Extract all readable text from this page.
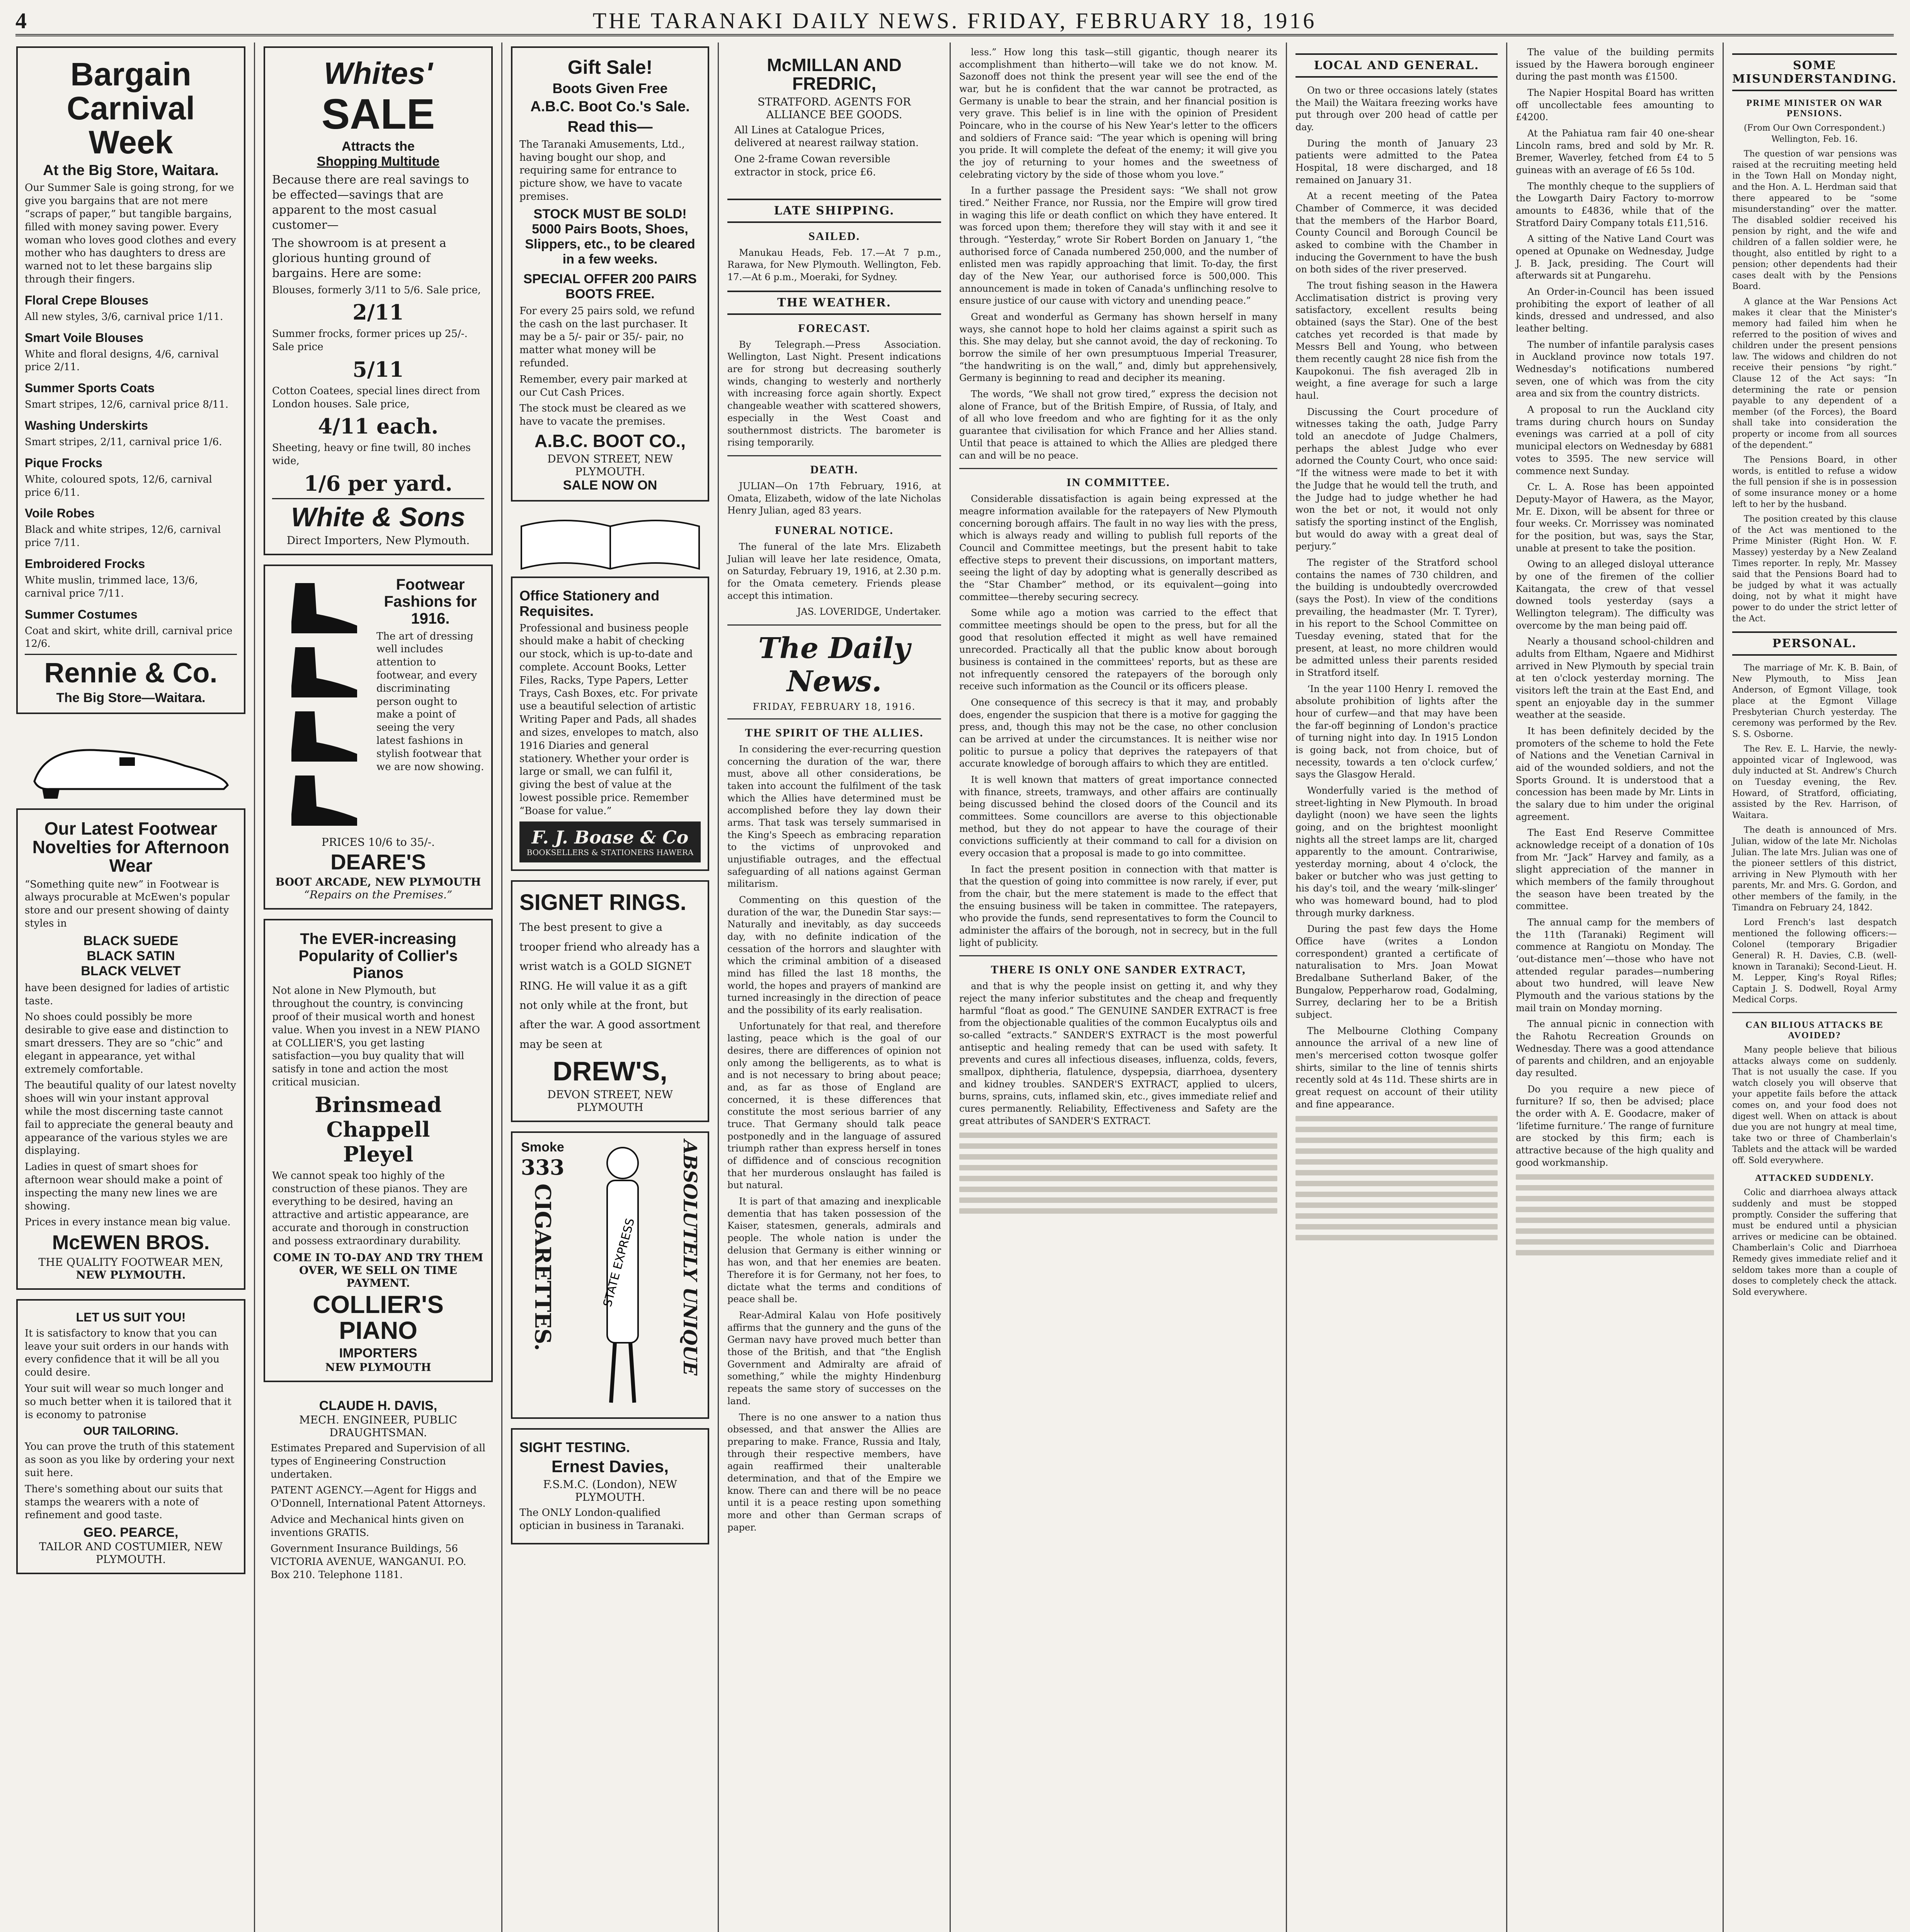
4	THE TARANAKI DAILY NEWS. FRIDAY, FEBRUARY 18, 1916
Bargain Carnival Week
At the Big Store, Waitara.

Our Summer Sale is going strong, for we give you bargains that are not mere “scraps of paper,” but tangible bargains, filled with money saving power. Every woman who loves good clothes and every mother who has daughters to dress are warned not to let these bargains slip through their fingers.

Floral Crepe Blouses

All new styles, 3/6, carnival price 1/11.

Smart Voile Blouses

White and floral designs, 4/6, carnival price 2/11.

Summer Sports Coats

Smart stripes, 12/6, carnival price 8/11.

Washing Underskirts

Smart stripes, 2/11, carnival price 1/6.

Pique Frocks

White, coloured spots, 12/6, carnival price 6/11.

Voile Robes

Black and white stripes, 12/6, carnival price 7/11.

Embroidered Frocks

White muslin, trimmed lace, 13/6, carnival price 7/11.

Summer Costumes

Coat and skirt, white drill, carnival price 12/6.

Rennie & Co.
The Big Store—Waitara.
Our Latest Footwear Novelties for Afternoon Wear

“Something quite new” in Footwear is always procurable at McEwen's popular store and our present showing of dainty styles in

BLACK SUEDE
BLACK SATIN
BLACK VELVET

have been designed for ladies of artistic taste.

No shoes could possibly be more desirable to give ease and distinction to smart dressers. They are so “chic” and elegant in appearance, yet withal extremely comfortable.

The beautiful quality of our latest novelty shoes will win your instant approval while the most discerning taste cannot fail to appreciate the general beauty and appearance of the various styles we are displaying.

Ladies in quest of smart shoes for afternoon wear should make a point of inspecting the many new lines we are showing.

Prices in every instance mean big value.

McEWEN BROS.
THE QUALITY FOOTWEAR MEN,
NEW PLYMOUTH.
LET US SUIT YOU!

It is satisfactory to know that you can leave your suit orders in our hands with every confidence that it will be all you could desire.

Your suit will wear so much longer and so much better when it is tailored that it is economy to patronise

OUR TAILORING.

You can prove the truth of this statement as soon as you like by ordering your next suit here.

There's something about our suits that stamps the wearers with a note of refinement and good taste.

GEO. PEARCE,
TAILOR AND COSTUMIER, NEW PLYMOUTH.
Whites'
SALE
Attracts the
Shopping Multitude

Because there are real savings to be effected—savings that are apparent to the most casual customer—

The showroom is at present a glorious hunting ground of bargains. Here are some:

Blouses, formerly 3/11 to 5/6. Sale price,

2/11

Summer frocks, former prices up 25/-. Sale price

5/11

Cotton Coatees, special lines direct from London houses. Sale price,

4/11 each.

Sheeting, heavy or fine twill, 80 inches wide,

1/6 per yard.
White & Sons
Direct Importers, New Plymouth.
Footwear Fashions for 1916.

The art of dressing well includes attention to footwear, and every discriminating person ought to make a point of seeing the very latest fashions in stylish footwear that we are now showing.

PRICES 10/6 to 35/-.
DEARE'S
BOOT ARCADE, NEW PLYMOUTH
“Repairs on the Premises.”
The EVER-increasing Popularity of Collier's Pianos

Not alone in New Plymouth, but throughout the country, is convincing proof of their musical worth and honest value. When you invest in a NEW PIANO at COLLIER'S, you get lasting satisfaction—you buy quality that will satisfy in tone and action the most critical musician.

Brinsmead
Chappell
Pleyel

We cannot speak too highly of the construction of these pianos. They are everything to be desired, having an attractive and artistic appearance, are accurate and thorough in construction and possess extraordinary durability.

COME IN TO-DAY AND TRY THEM OVER, WE SELL ON TIME PAYMENT.
COLLIER'S PIANO
IMPORTERS
NEW PLYMOUTH
CLAUDE H. DAVIS,
MECH. ENGINEER, PUBLIC DRAUGHTSMAN.

Estimates Prepared and Supervision of all types of Engineering Construction undertaken.

PATENT AGENCY.—Agent for Higgs and O'Donnell, International Patent Attorneys.

Advice and Mechanical hints given on inventions GRATIS.

Government Insurance Buildings, 56 VICTORIA AVENUE, WANGANUI. P.O. Box 210. Telephone 1181.

Gift Sale!
Boots Given Free
A.B.C. Boot Co.'s Sale.
Read this—

The Taranaki Amusements, Ltd., having bought our shop, and requiring same for entrance to picture show, we have to vacate premises.

STOCK MUST BE SOLD! 5000 Pairs Boots, Shoes, Slippers, etc., to be cleared in a few weeks.
SPECIAL OFFER 200 PAIRS BOOTS FREE.

For every 25 pairs sold, we refund the cash on the last purchaser. It may be a 5/- pair or 35/- pair, no matter what money will be refunded.

Remember, every pair marked at our Cut Cash Prices.

The stock must be cleared as we have to vacate the premises.

A.B.C. BOOT CO.,
DEVON STREET, NEW PLYMOUTH.
SALE NOW ON
Office Stationery and Requisites.

Professional and business people should make a habit of checking our stock, which is up-to-date and complete. Account Books, Letter Files, Racks, Type Papers, Letter Trays, Cash Boxes, etc. For private use a beautiful selection of artistic Writing Paper and Pads, all shades and sizes, envelopes to match, also 1916 Diaries and general stationery. Whether your order is large or small, we can fulfil it, giving the best of value at the lowest possible price. Remember “Boase for value.”

F. J. Boase & Co
BOOKSELLERS & STATIONERS HAWERA
SIGNET RINGS.

The best present to give a trooper friend who already has a wrist watch is a GOLD SIGNET RING. He will value it as a gift not only while at the front, but after the war. A good assortment may be seen at

DREW'S,
DEVON STREET, NEW PLYMOUTH
Smoke
333
CIGARETTES.	STATE EXPRESS ABSOLUTELY UNIQUE
SIGHT TESTING.
Ernest Davies,
F.S.M.C. (London), NEW PLYMOUTH.

The ONLY London-qualified optician in business in Taranaki.

McMILLAN AND FREDRIC,
STRATFORD. AGENTS FOR ALLIANCE BEE GOODS.

All Lines at Catalogue Prices, delivered at nearest railway station.

One 2-frame Cowan reversible extractor in stock, price £6.

LATE SHIPPING.
SAILED.

Manukau Heads, Feb. 17.—At 7 p.m., Rarawa, for New Plymouth. Wellington, Feb. 17.—At 6 p.m., Moeraki, for Sydney.

THE WEATHER.
FORECAST.

By Telegraph.—Press Association. Wellington, Last Night. Present indications are for strong but decreasing southerly winds, changing to westerly and northerly with increasing force again shortly. Expect changeable weather with scattered showers, especially in the West Coast and southernmost districts. The barometer is rising temporarily.

DEATH.

JULIAN—On 17th February, 1916, at Omata, Elizabeth, widow of the late Nicholas Henry Julian, aged 83 years.

FUNERAL NOTICE.

The funeral of the late Mrs. Elizabeth Julian will leave her late residence, Omata, on Saturday, February 19, 1916, at 2.30 p.m. for the Omata cemetery. Friends please accept this intimation.

JAS. LOVERIDGE, Undertaker.

The Daily News.
FRIDAY, FEBRUARY 18, 1916.
THE SPIRIT OF THE ALLIES.

In considering the ever-recurring question concerning the duration of the war, there must, above all other considerations, be taken into account the fulfilment of the task which the Allies have determined must be accomplished before they lay down their arms. That task was tersely summarised in the King's Speech as embracing reparation to the victims of unprovoked and unjustifiable outrages, and the effectual safeguarding of all nations against German militarism.

Commenting on this question of the duration of the war, the Dunedin Star says:—Naturally and inevitably, as day succeeds day, with no definite indication of the cessation of the horrors and slaughter with which the criminal ambition of a diseased mind has filled the last 18 months, the world, the hopes and prayers of mankind are turned increasingly in the direction of peace and the possibility of its early realisation.

Unfortunately for that real, and therefore lasting, peace which is the goal of our desires, there are differences of opinion not only among the belligerents, as to what is and is not necessary to bring about peace; and, as far as those of England are concerned, it is these differences that constitute the most serious barrier of any truce. That Germany should talk peace postponedly and in the language of assured triumph rather than express herself in tones of diffidence and of conscious recognition that her murderous onslaught has failed is but natural.

It is part of that amazing and inexplicable dementia that has taken possession of the Kaiser, statesmen, generals, admirals and people. The whole nation is under the delusion that Germany is either winning or has won, and that her enemies are beaten. Therefore it is for Germany, not her foes, to dictate what the terms and conditions of peace shall be.

Rear-Admiral Kalau von Hofe positively affirms that the gunnery and the guns of the German navy have proved much better than those of the British, and that “the English Government and Admiralty are afraid of something,” while the mighty Hindenburg repeats the same story of successes on the land.

There is no one answer to a nation thus obsessed, and that answer the Allies are preparing to make. France, Russia and Italy, through their respective members, have again reaffirmed their unalterable determination, and that of the Empire we know. There can and there will be no peace until it is a peace resting upon something more and other than German scraps of paper.

less.” How long this task—still gigantic, though nearer its accomplishment than hitherto—will take we do not know. M. Sazonoff does not think the present year will see the end of the war, but he is confident that the war cannot be protracted, as Germany is unable to bear the strain, and her financial position is very grave. This belief is in line with the opinion of President Poincare, who in the course of his New Year's letter to the officers and soldiers of France said: “The year which is opening will bring you pride. It will complete the defeat of the enemy; it will give you the joy of returning to your homes and the sweetness of celebrating victory by the side of those whom you love.”

In a further passage the President says: “We shall not grow tired.” Neither France, nor Russia, nor the Empire will grow tired in waging this life or death conflict on which they have entered. It was forced upon them; therefore they will stay with it and see it through. “Yesterday,” wrote Sir Robert Borden on January 1, “the authorised force of Canada numbered 250,000, and the number of enlisted men was rapidly approaching that limit. To-day, the first day of the New Year, our authorised force is 500,000. This announcement is made in token of Canada's unflinching resolve to ensure justice of our cause with victory and unending peace.”

Great and wonderful as Germany has shown herself in many ways, she cannot hope to hold her claims against a spirit such as this. She may delay, but she cannot avoid, the day of reckoning. To borrow the simile of her own presumptuous Imperial Treasurer, “the handwriting is on the wall,” and, dimly but apprehensively, Germany is beginning to read and decipher its meaning.

The words, “We shall not grow tired,” express the decision not alone of France, but of the British Empire, of Russia, of Italy, and of all who love freedom and who are fighting for it as the only guarantee that civilisation for which France and her Allies stand. Until that peace is attained to which the Allies are pledged there can and will be no peace.

IN COMMITTEE.

Considerable dissatisfaction is again being expressed at the meagre information available for the ratepayers of New Plymouth concerning borough affairs. The fault in no way lies with the press, which is always ready and willing to publish full reports of the Council and Committee meetings, but the present habit to take effective steps to prevent their discussions, on important matters, seeing the light of day by adopting what is generally described as the “Star Chamber” method, or its equivalent—going into committee—thereby securing secrecy.

Some while ago a motion was carried to the effect that committee meetings should be open to the press, but for all the good that resolution effected it might as well have remained unrecorded. Practically all that the public know about borough business is contained in the committees' reports, but as these are not infrequently censored the ratepayers of the borough only receive such information as the Council or its officers please.

One consequence of this secrecy is that it may, and probably does, engender the suspicion that there is a motive for gagging the press, and, though this may not be the case, no other conclusion can be arrived at under the circumstances. It is neither wise nor politic to pursue a policy that deprives the ratepayers of that accurate knowledge of borough affairs to which they are entitled.

It is well known that matters of great importance connected with finance, streets, tramways, and other affairs are continually being discussed behind the closed doors of the Council and its committees. Some councillors are averse to this objectionable method, but they do not appear to have the courage of their convictions sufficiently at their command to call for a division on every occasion that a proposal is made to go into committee.

In fact the present position in connection with that matter is that the question of going into committee is now rarely, if ever, put from the chair, but the mere statement is made to the effect that the ensuing business will be taken in committee. The ratepayers, who provide the funds, send representatives to form the Council to administer the affairs of the borough, not in secrecy, but in the full light of publicity.

THERE IS ONLY ONE SANDER EXTRACT,

and that is why the people insist on getting it, and why they reject the many inferior substitutes and the cheap and frequently harmful “float as good.” The GENUINE SANDER EXTRACT is free from the objectionable qualities of the common Eucalyptus oils and so-called “extracts.” SANDER'S EXTRACT is the most powerful antiseptic and healing remedy that can be used with safety. It prevents and cures all infectious diseases, influenza, colds, fevers, smallpox, diphtheria, flatulence, dyspepsia, diarrhoea, dysentery and kidney troubles. SANDER'S EXTRACT, applied to ulcers, burns, sprains, cuts, inflamed skin, etc., gives immediate relief and cures permanently. Reliability, Effectiveness and Safety are the great attributes of SANDER'S EXTRACT.

LOCAL AND GENERAL.

On two or three occasions lately (states the Mail) the Waitara freezing works have put through over 200 head of cattle per day.

During the month of January 23 patients were admitted to the Patea Hospital, 18 were discharged, and 18 remained on January 31.

At a recent meeting of the Patea Chamber of Commerce, it was decided that the members of the Harbor Board, County Council and Borough Council be asked to combine with the Chamber in inducing the Government to have the bush on both sides of the river preserved.

The trout fishing season in the Hawera Acclimatisation district is proving very satisfactory, excellent results being obtained (says the Star). One of the best catches yet recorded is that made by Messrs Bell and Young, who between them recently caught 28 nice fish from the Kaupokonui. The fish averaged 2lb in weight, a fine average for such a large haul.

Discussing the Court procedure of witnesses taking the oath, Judge Parry told an anecdote of Judge Chalmers, perhaps the ablest Judge who ever adorned the County Court, who once said: “If the witness were made to bet it with the Judge that he would tell the truth, and the Judge had to judge whether he had won the bet or not, it would not only satisfy the sporting instinct of the English, but would do away with a great deal of perjury.”

The register of the Stratford school contains the names of 730 children, and the building is undoubtedly overcrowded (says the Post). In view of the conditions prevailing, the headmaster (Mr. T. Tyrer), in his report to the School Committee on Tuesday evening, stated that for the present, at least, no more children would be admitted unless their parents resided in Stratford itself.

‘In the year 1100 Henry I. removed the absolute prohibition of lights after the hour of curfew—and that may have been the far-off beginning of London's practice of turning night into day. In 1915 London is going back, not from choice, but of necessity, towards a ten o'clock curfew,’ says the Glasgow Herald.

Wonderfully varied is the method of street-lighting in New Plymouth. In broad daylight (noon) we have seen the lights going, and on the brightest moonlight nights all the street lamps are lit, charged apparently to the amount. Contrariwise, yesterday morning, about 4 o'clock, the baker or butcher who was just getting to his day's toil, and the weary ‘milk-slinger’ who was homeward bound, had to plod through murky darkness.

During the past few days the Home Office have (writes a London correspondent) granted a certificate of naturalisation to Mrs. Joan Mowat Bredalbane Sutherland Baker, of the Bungalow, Pepperharow road, Godalming, Surrey, declaring her to be a British subject.

The Melbourne Clothing Company announce the arrival of a new line of men's mercerised cotton twosque golfer shirts, similar to the line of tennis shirts recently sold at 4s 11d. These shirts are in great request on account of their utility and fine appearance.

The value of the building permits issued by the Hawera borough engineer during the past month was £1500.

The Napier Hospital Board has written off uncollectable fees amounting to £4200.

At the Pahiatua ram fair 40 one-shear Lincoln rams, bred and sold by Mr. R. Bremer, Waverley, fetched from £4 to 5 guineas with an average of £6 5s 10d.

The monthly cheque to the suppliers of the Lowgarth Dairy Factory to-morrow amounts to £4836, while that of the Stratford Dairy Company totals £11,516.

A sitting of the Native Land Court was opened at Opunake on Wednesday, Judge J. B. Jack, presiding. The Court will afterwards sit at Pungarehu.

An Order-in-Council has been issued prohibiting the export of leather of all kinds, dressed and undressed, and also leather belting.

The number of infantile paralysis cases in Auckland province now totals 197. Wednesday's notifications numbered seven, one of which was from the city area and six from the country districts.

A proposal to run the Auckland city trams during church hours on Sunday evenings was carried at a poll of city municipal electors on Wednesday by 6881 votes to 3595. The new service will commence next Sunday.

Cr. L. A. Rose has been appointed Deputy-Mayor of Hawera, as the Mayor, Mr. E. Dixon, will be absent for three or four weeks. Cr. Morrissey was nominated for the position, but was, says the Star, unable at present to take the position.

Owing to an alleged disloyal utterance by one of the firemen of the collier Kaitangata, the crew of that vessel downed tools yesterday (says a Wellington telegram). The difficulty was overcome by the man being paid off.

Nearly a thousand school-children and adults from Eltham, Ngaere and Midhirst arrived in New Plymouth by special train at ten o'clock yesterday morning. The visitors left the train at the East End, and spent an enjoyable day in the summer weather at the seaside.

It has been definitely decided by the promoters of the scheme to hold the Fete of Nations and the Venetian Carnival in aid of the wounded soldiers, and not the Sports Ground. It is understood that a concession has been made by Mr. Lints in the salary due to him under the original agreement.

The East End Reserve Committee acknowledge receipt of a donation of 10s from Mr. “Jack” Harvey and family, as a slight appreciation of the manner in which members of the family throughout the season have been treated by the committee.

The annual camp for the members of the 11th (Taranaki) Regiment will commence at Rangiotu on Monday. The ‘out-distance men’—those who have not attended regular parades—numbering about two hundred, will leave New Plymouth and the various stations by the mail train on Monday morning.

The annual picnic in connection with the Rahotu Recreation Grounds on Wednesday. There was a good attendance of parents and children, and an enjoyable day resulted.

Do you require a new piece of furniture? If so, then be advised; place the order with A. E. Goodacre, maker of ‘lifetime furniture.’ The range of furniture are stocked by this firm; each is attractive because of the high quality and good workmanship.

SOME MISUNDERSTANDING.
PRIME MINISTER ON WAR PENSIONS.

(From Our Own Correspondent.) Wellington, Feb. 16.

The question of war pensions was raised at the recruiting meeting held in the Town Hall on Monday night, and the Hon. A. L. Herdman said that there appeared to be “some misunderstanding” over the matter. The disabled soldier received his pension by right, and the wife and children of a fallen soldier were, he thought, also entitled by right to a pension; other dependents had their cases dealt with by the Pensions Board.

A glance at the War Pensions Act makes it clear that the Minister's memory had failed him when he referred to the position of wives and children under the present pensions law. The widows and children do not receive their pensions “by right.” Clause 12 of the Act says: “In determining the rate or pension payable to any dependent of a member (of the Forces), the Board shall take into consideration the property or income from all sources of the dependent.”

The Pensions Board, in other words, is entitled to refuse a widow the full pension if she is in possession of some insurance money or a home left to her by the husband.

The position created by this clause of the Act was mentioned to the Prime Minister (Right Hon. W. F. Massey) yesterday by a New Zealand Times reporter. In reply, Mr. Massey said that the Pensions Board had to be judged by what it was actually doing, not by what it might have power to do under the strict letter of the Act.

PERSONAL.

The marriage of Mr. K. B. Bain, of New Plymouth, to Miss Jean Anderson, of Egmont Village, took place at the Egmont Village Presbyterian Church yesterday. The ceremony was performed by the Rev. S. S. Osborne.

The Rev. E. L. Harvie, the newly-appointed vicar of Inglewood, was duly inducted at St. Andrew's Church on Tuesday evening, the Rev. Howard, of Stratford, officiating, assisted by the Rev. Harrison, of Waitara.

The death is announced of Mrs. Julian, widow of the late Mr. Nicholas Julian. The late Mrs. Julian was one of the pioneer settlers of this district, arriving in New Plymouth with her parents, Mr. and Mrs. G. Gordon, and other members of the family, in the Timandra on February 24, 1842.

Lord French's last despatch mentioned the following officers:—Colonel (temporary Brigadier General) R. H. Davies, C.B. (well-known in Taranaki); Second-Lieut. H. M. Lepper, King's Royal Rifles; Captain J. S. Dodwell, Royal Army Medical Corps.

CAN BILIOUS ATTACKS BE AVOIDED?

Many people believe that bilious attacks always come on suddenly. That is not usually the case. If you watch closely you will observe that your appetite fails before the attack comes on, and your food does not digest well. When on attack is about due you are not hungry at meal time, take two or three of Chamberlain's Tablets and the attack will be warded off. Sold everywhere.

ATTACKED SUDDENLY.

Colic and diarrhoea always attack suddenly and must be stopped promptly. Consider the suffering that must be endured until a physician arrives or medicine can be obtained. Chamberlain's Colic and Diarrhoea Remedy gives immediate relief and it seldom takes more than a couple of doses to completely check the attack. Sold everywhere.
